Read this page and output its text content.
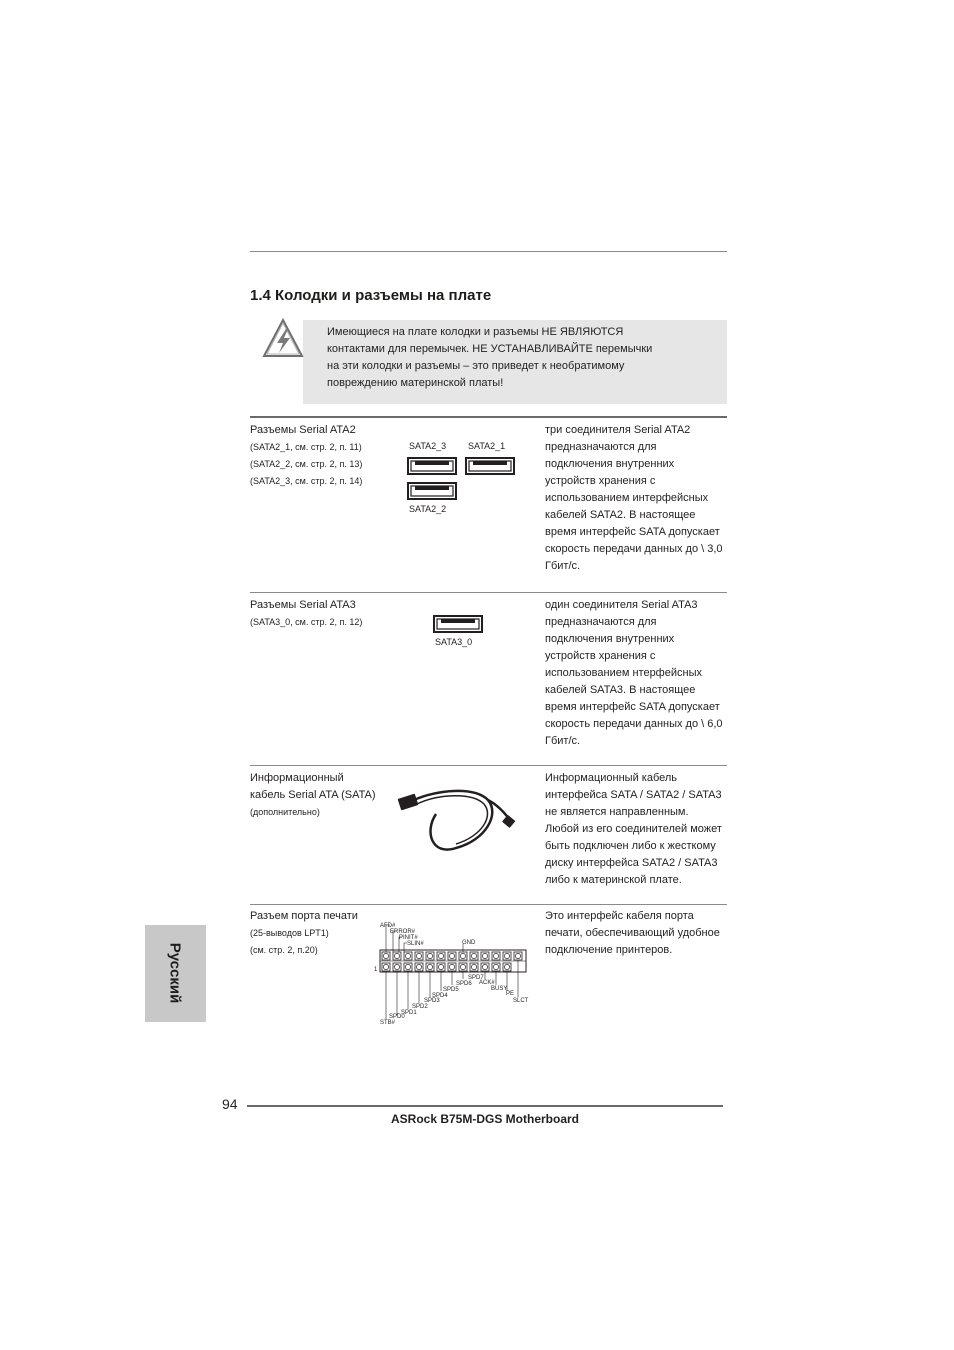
1.4 Колодки и разъемы на плате
Имеющиеся на плате колодки и разъемы НЕ ЯВЛЯЮТСЯ
контактами для перемычек. НЕ УСТАНАВЛИВАЙТЕ перемычки
на эти колодки и разъемы – это приведет к необратимому
повреждению материнской платы!
Разъемы Serial ATA2
(SATA2_1, см. стр. 2, п. 11)
(SATA2_2, см. стр. 2, п. 13)
(SATA2_3, см. стр. 2, п. 14)
SATA2_3 SATA2_1
SATA2_2
три соединителя Serial ATA2
предназначаются для
подключения внутренних
устройств хранения с
использованием интерфейсных
кабелей SATA2. В настоящее
время интерфейс SATA допускает
скорость передачи данных до \ 3,0
Гбит/с.
Разъемы Serial ATA3
(SATA3_0, см. стр. 2, п. 12)
SATA3_0
один соединителя Serial ATA3
предназначаются для
подключения внутренних
устройств хранения с
использованием нтерфейсных
кабелей SATA3. В настоящее
время интерфейс SATA допускает
скорость передачи данных до \ 6,0
Гбит/с.
Информационный
кабель Serial ATA (SATA)
(дополнительно)
Информационный кабель
интерфейса SATA / SATA2 / SATA3
не является направленным.
Любой из его соединителей может
быть подключен либо к жесткому
диску интерфейса SATA2 / SATA3
либо к материнской плате.
Разъем порта печати
(25-выводов LPT1)
(см. стр. 2, п.20)
AFD#
ERROR#
PINIT#
SLIN#	GND
1
SPD7
SPD6 ACK#
SPD5	BUSY
SPD4	PE
SPD3	SLCT
SPD2
SPD1
SPD0
STB#
Это интерфейс кабеля порта
печати, обеспечивающий удобное
подключение принтеров.
Русский
94
ASRock B75M-DGS Motherboard
